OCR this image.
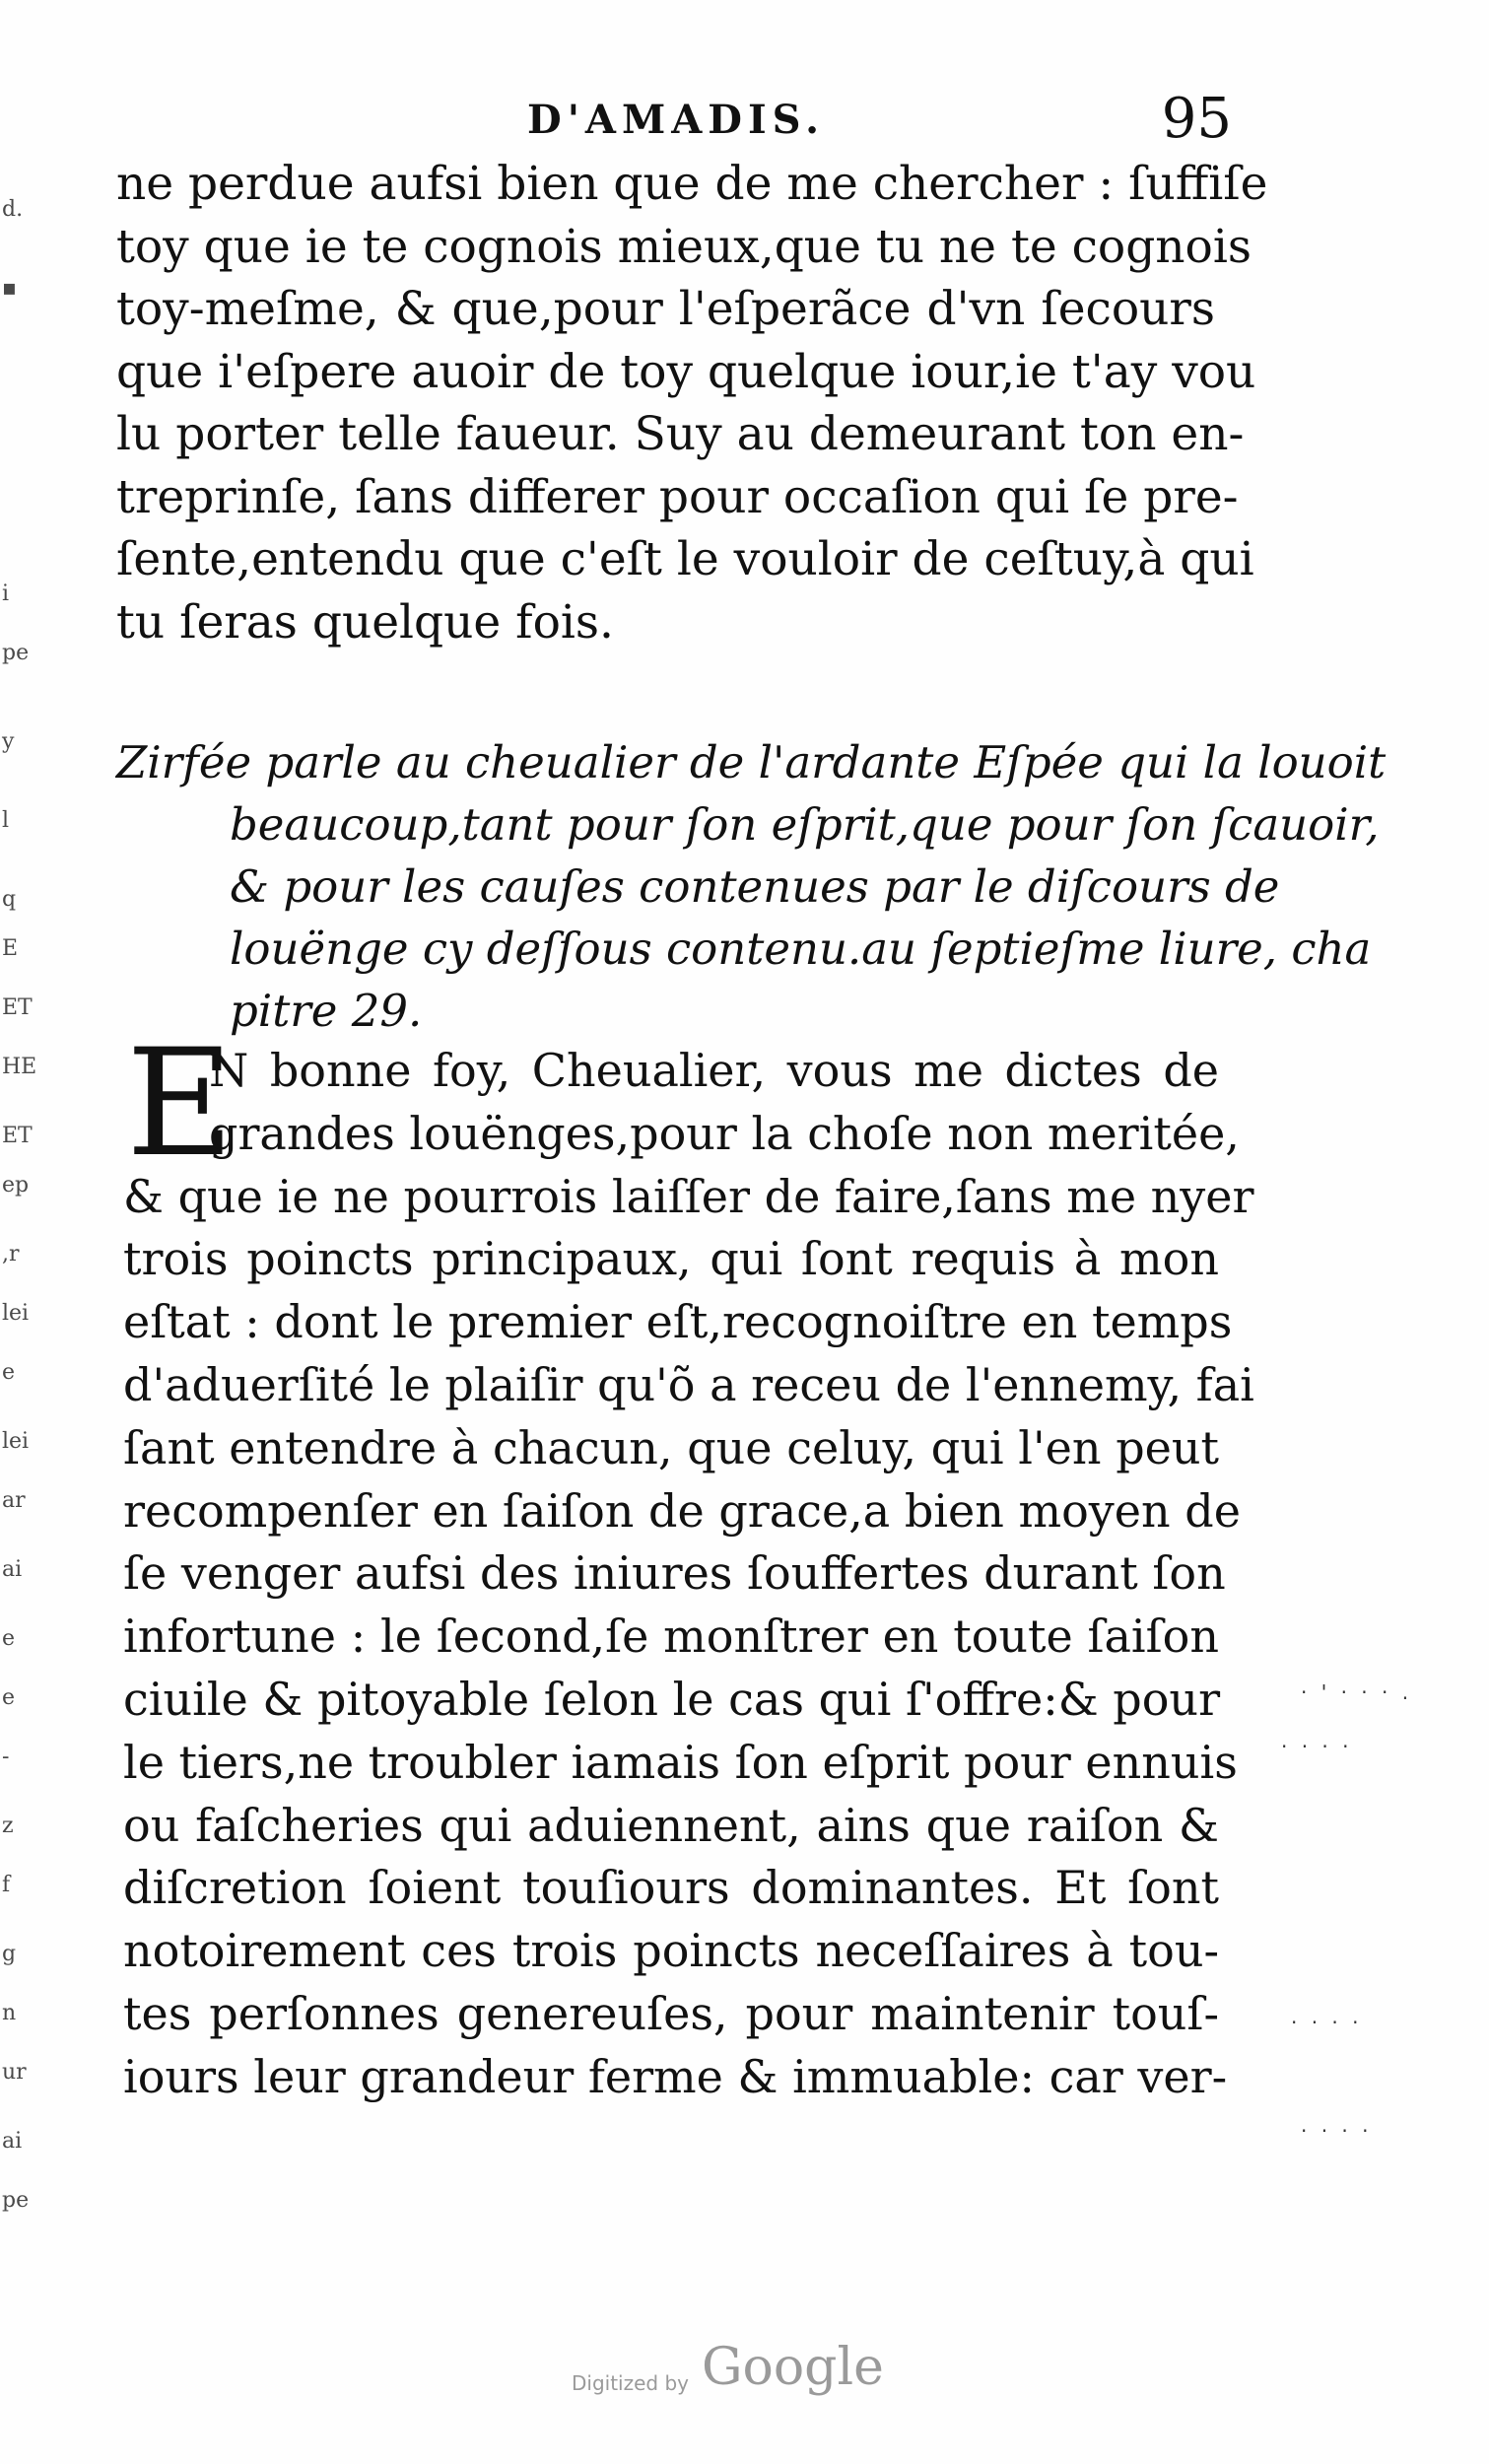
d.
▪
i
pe
y
l
q
E
ET
HE
ET
ep
,r
lei
e
lei
ar
ai
e
e
-
z
f
g
n
ur
ai
pe
D'AMADIS.	95
ne perdue aufsi bien que de me chercher : ſuffiſe
toy que ie te cognois mieux,que tu ne te cognois
toy-meſme, & que,pour l'eſperãce d'vn ſecours
que i'eſpere auoir de toy quelque iour,ie t'ay vou
lu porter telle faueur. Suy au demeurant ton en-
treprinſe, ſans differer pour occaſion qui ſe pre-
ſente,entendu que c'eſt le vouloir de ceſtuy,à qui
tu ſeras quelque fois.
Zirfée parle au cheualier de l'ardante Eſpée qui la louoit
beaucoup,tant pour ſon eſprit,que pour ſon ſcauoir,
& pour les cauſes contenues par le diſcours de
louënge cy deſſous contenu.au ſeptieſme liure, cha
pitre 29.
E
N bonne foy, Cheualier, vous me dictes de
grandes louënges,pour la choſe non meritée,
& que ie ne pourrois laiſſer de faire,ſans me nyer
trois poincts principaux, qui ſont requis à mon
eſtat : dont le premier eſt,recognoiſtre en temps
d'aduerſité le plaiſir qu'õ a receu de l'ennemy, fai
ſant entendre à chacun, que celuy, qui l'en peut
recompenſer en ſaiſon de grace,a bien moyen de
ſe venger aufsi des iniures ſouffertes durant ſon
infortune : le ſecond,ſe monſtrer en toute ſaiſon
ciuile & pitoyable ſelon le cas qui ſ'offre:& pour
le tiers,ne troubler iamais ſon eſprit pour ennuis
ou faſcheries qui aduiennent, ains que raiſon &
diſcretion ſoient touſiours dominantes. Et ſont
notoirement ces trois poincts neceſſaires à tou-
tes perſonnes genereuſes, pour maintenir touſ-
iours leur grandeur ferme & immuable: car ver-
· ' · · · .
· · · ·
· · · ·
· · · ·
Digitized by Google
